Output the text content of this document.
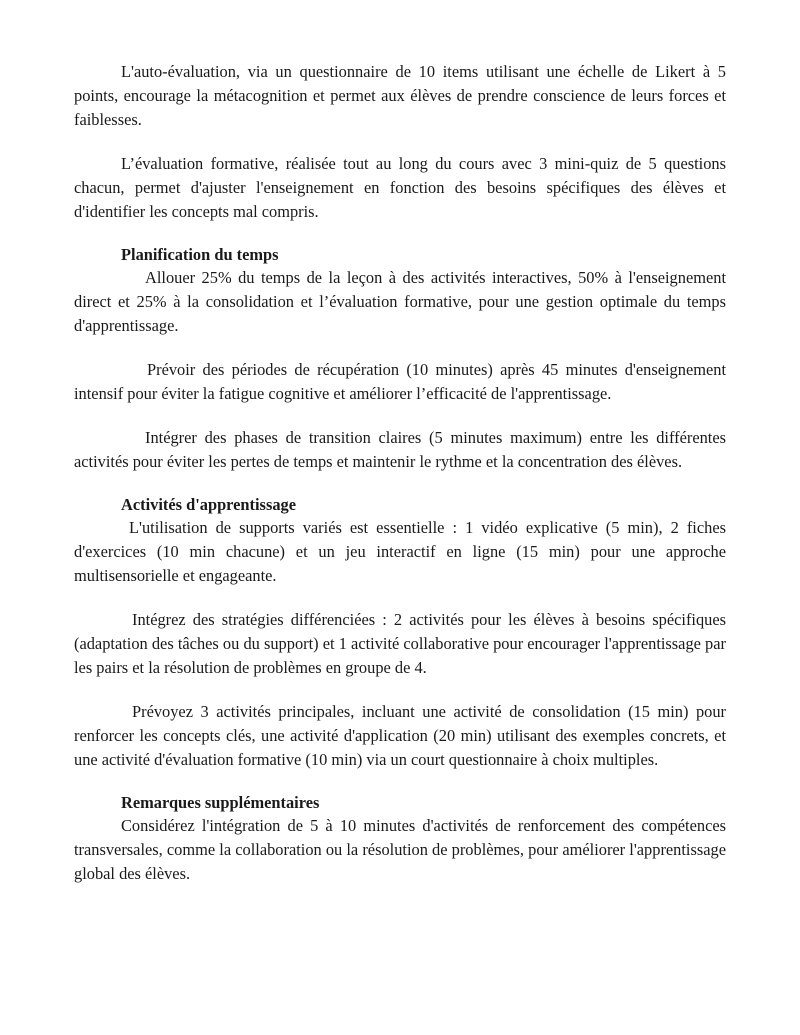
L'auto-évaluation, via un questionnaire de 10 items utilisant une échelle de Likert à 5 points, encourage la métacognition et permet aux élèves de prendre conscience de leurs forces et faiblesses.

L’évaluation formative, réalisée tout au long du cours avec 3 mini-quiz de 5 questions chacun, permet d'ajuster l'enseignement en fonction des besoins spécifiques des élèves et d'identifier les concepts mal compris.

Planification du temps

Allouer 25% du temps de la leçon à des activités interactives, 50% à l'enseignement direct et 25% à la consolidation et l’évaluation formative, pour une gestion optimale du temps d'apprentissage.

Prévoir des périodes de récupération (10 minutes) après 45 minutes d'enseignement intensif pour éviter la fatigue cognitive et améliorer l’efficacité de l'apprentissage.

Intégrer des phases de transition claires (5 minutes maximum) entre les différentes activités pour éviter les pertes de temps et maintenir le rythme et la concentration des élèves.

Activités d'apprentissage

L'utilisation de supports variés est essentielle : 1 vidéo explicative (5 min), 2 fiches d'exercices (10 min chacune) et un jeu interactif en ligne (15 min) pour une approche multisensorielle et engageante.

Intégrez des stratégies différenciées : 2 activités pour les élèves à besoins spécifiques (adaptation des tâches ou du support) et 1 activité collaborative pour encourager l'apprentissage par les pairs et la résolution de problèmes en groupe de 4.

Prévoyez 3 activités principales, incluant une activité de consolidation (15 min) pour renforcer les concepts clés, une activité d'application (20 min) utilisant des exemples concrets, et une activité d'évaluation formative (10 min) via un court questionnaire à choix multiples.

Remarques supplémentaires

Considérez l'intégration de 5 à 10 minutes d'activités de renforcement des compétences transversales, comme la collaboration ou la résolution de problèmes, pour améliorer l'apprentissage global des élèves.
